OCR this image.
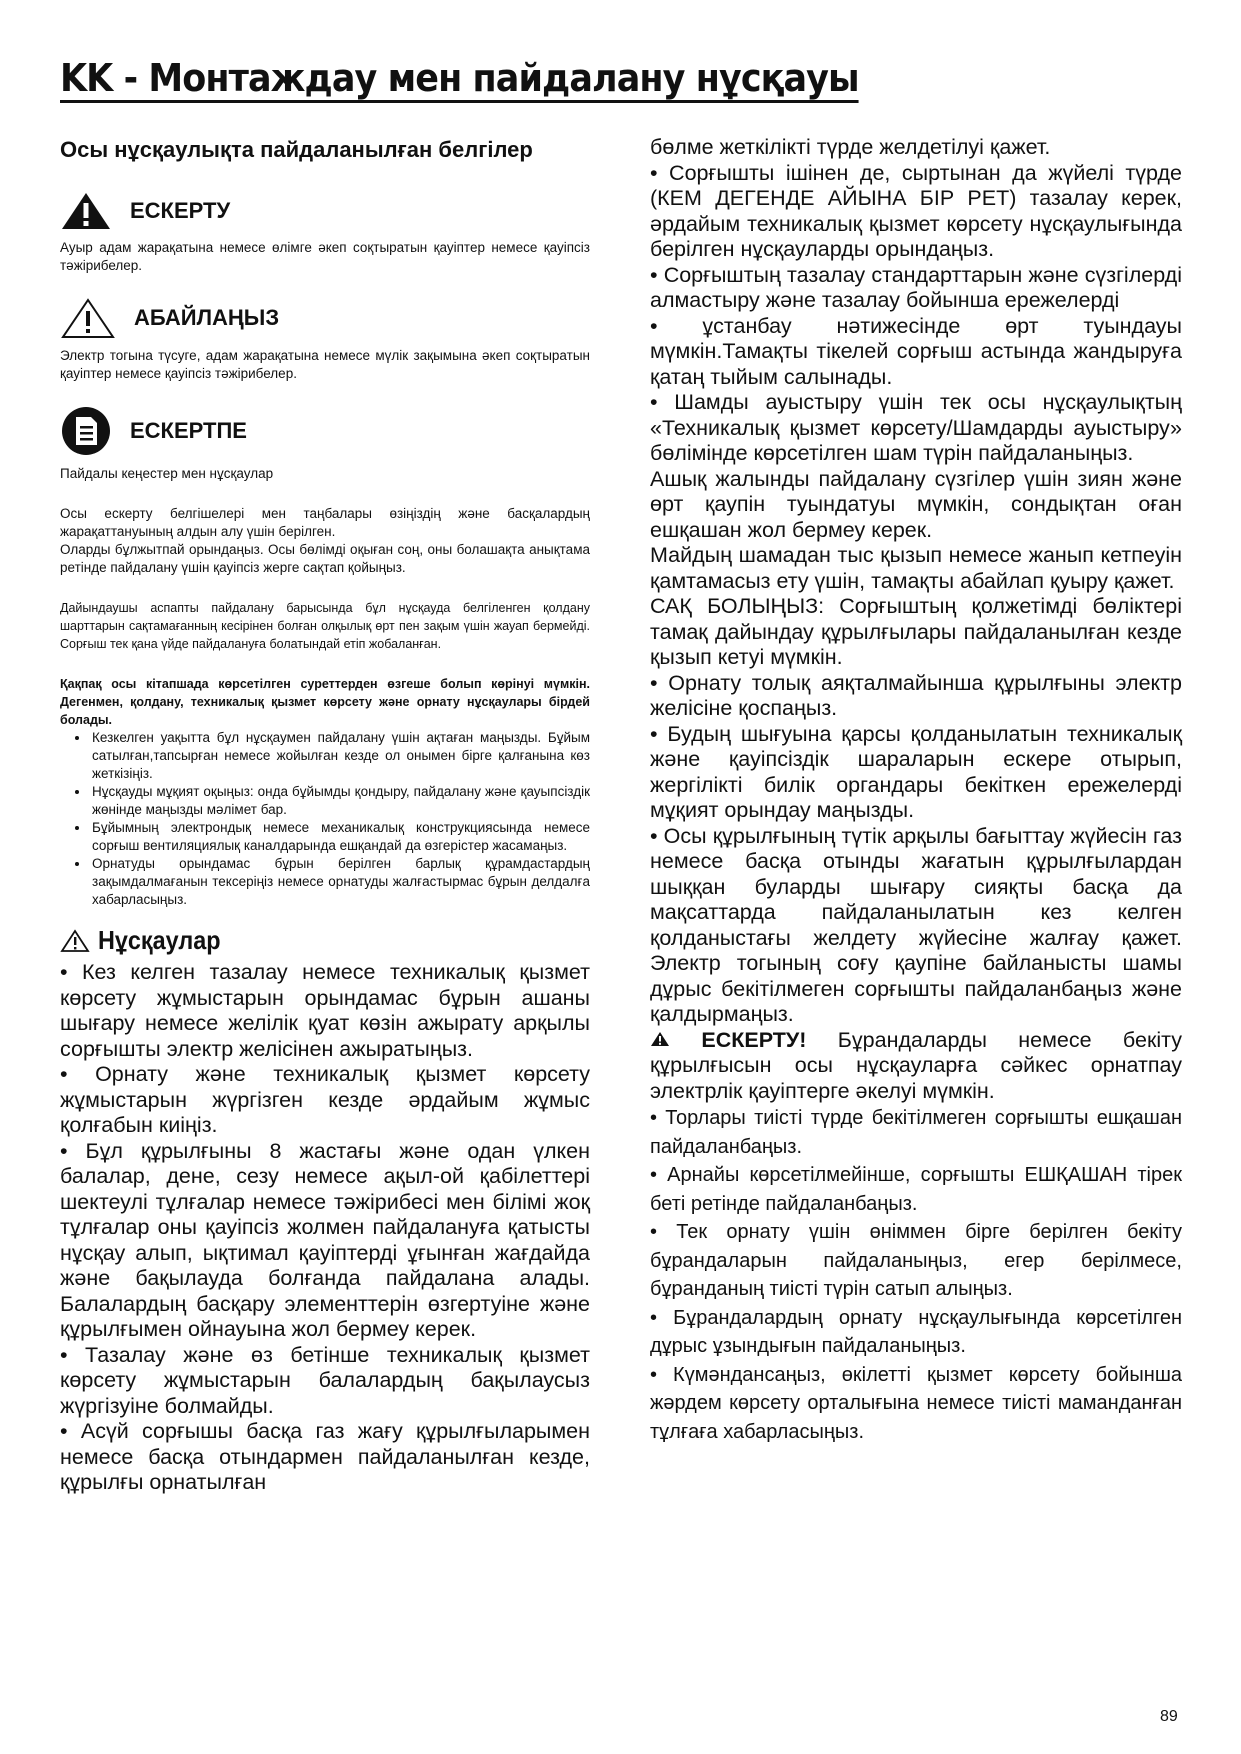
KK - Монтаждау мен пайдалану нұсқауы
Осы нұсқаулықта пайдаланылған белгілер
ЕСКЕРТУ
Ауыр адам жарақатына немесе өлімге әкеп соқтыратын қауіптер немесе қауіпсіз тәжірибелер.
АБАЙЛАҢЫЗ
Электр тогына түсуге, адам жарақатына немесе мүлік зақымына әкеп соқтыратын қауіптер немесе қауіпсіз тәжірибелер.
ЕСКЕРТПЕ
Пайдалы кеңестер мен нұсқаулар
Осы ескерту белгішелері мен таңбалары өзіңіздің және басқалардың жарақаттануының алдын алу үшін берілген.
Оларды бұлжытпай орындаңыз. Осы бөлімді оқыған соң, оны болашақта анықтама ретінде пайдалану үшін қауіпсіз жерге сақтап қойыңыз.
Дайындаушы аспапты пайдалану барысында бұл нұсқауда белгіленген қолдану шарттарын сақтамағанның кесірінен болған олқылық өрт пен зақым үшін жауап бермейді. Сорғыш тек қана үйде пайдалануға болатындай етіп жобаланған.
Қақпақ осы кітапшада көрсетілген суреттерден өзгеше болып көрінуі мүмкін. Дегенмен, қолдану, техникалық қызмет көрсету және орнату нұсқаулары бірдей болады.
• Кезкелген уақытта бұл нұсқаумен пайдалану үшін ақтаған маңызды. Бұйым сатылған,тапсырған немесе жойылған кезде ол онымен бірге қалғанына көз жеткізіңіз.
• Нұсқауды мұқият оқыңыз: онда бұйымды қондыру, пайдалану және қауыпсіздік жөнінде маңызды мәлімет бар.
• Бұйымның электрондық немесе механикалық конструкциясында немесе сорғыш вентиляциялық каналдарында ешқандай да өзгерістер жасамаңыз.
• Орнатуды орындамас бұрын берілген барлық құрамдастардың зақымдалмағанын тексеріңіз немесе орнатуды жалғастырмас бұрын делдалға хабарласыңыз.
Нұсқаулар

• Кез келген тазалау немесе техникалық қызмет көрсету жұмыстарын орындамас бұрын ашаны шығару немесе желілік қуат көзін ажырату арқылы сорғышты электр желісінен ажыратыңыз.

• Орнату және техникалық қызмет көрсету жұмыстарын жүргізген кезде әрдайым жұмыс қолғабын киіңіз.

• Бұл құрылғыны 8 жастағы және одан үлкен балалар, дене, сезу немесе ақыл-ой қабілеттері шектеулі тұлғалар немесе тәжірибесі мен білімі жоқ тұлғалар оны қауіпсіз жолмен пайдалануға қатысты нұсқау алып, ықтимал қауіптерді ұғынған жағдайда және бақылауда болғанда пайдалана алады. Балалардың басқару элементтерін өзгертуіне және құрылғымен ойнауына жол бермеу керек.

• Тазалау және өз бетінше техникалық қызмет көрсету жұмыстарын балалардың бақылаусыз жүргізуіне болмайды.

• Асүй сорғышы басқа газ жағу құрылғыларымен немесе басқа отындармен пайдаланылған кезде, құрылғы орнатылған

бөлме жеткілікті түрде желдетілуі қажет.

• Сорғышты ішінен де, сыртынан да жүйелі түрде (КЕМ ДЕГЕНДЕ АЙЫНА БІР РЕТ) тазалау керек, әрдайым техникалық қызмет көрсету нұсқаулығында берілген нұсқауларды орындаңыз.

• Сорғыштың тазалау стандарттарын және сүзгілерді алмастыру және тазалау бойынша ережелерді

• ұстанбау нәтижесінде өрт туындауы мүмкін.Тамақты тікелей сорғыш астында жандыруға қатаң тыйым салынады.

• Шамды ауыстыру үшін тек осы нұсқаулықтың «Техникалық қызмет көрсету/Шамдарды ауыстыру» бөлімінде көрсетілген шам түрін пайдаланыңыз.

Ашық жалынды пайдалану сүзгілер үшін зиян және өрт қаупін туындатуы мүмкін, сондықтан оған ешқашан жол бермеу керек.

Майдың шамадан тыс қызып немесе жанып кетпеуін қамтамасыз ету үшін, тамақты абайлап қуыру қажет.

САҚ БОЛЫҢЫЗ: Сорғыштың қолжетімді бөліктері тамақ дайындау құрылғылары пайдаланылған кезде қызып кетуі мүмкін.

• Орнату толық аяқталмайынша құрылғыны электр желісіне қоспаңыз.

• Будың шығуына қарсы қолданылатын техникалық және қауіпсіздік шараларын ескере отырып, жергілікті билік органдары бекіткен ережелерді мұқият орындау маңызды.

• Осы құрылғының түтік арқылы бағыттау жүйесін газ немесе басқа отынды жағатын құрылғылардан шыққан буларды шығару сияқты басқа да мақсаттарда пайдаланылатын кез келген қолданыстағы желдету жүйесіне жалғау қажет. Электр тогының соғу қаупіне байланысты шамы дұрыс бекітілмеген сорғышты пайдаланбаңыз және қалдырмаңыз.

ЕСКЕРТУ! Бұрандаларды немесе бекіту құрылғысын осы нұсқауларға сәйкес орнатпау электрлік қауіптерге әкелуі мүмкін.

• Торлары тиісті түрде бекітілмеген сорғышты ешқашан пайдаланбаңыз.

• Арнайы көрсетілмейінше, сорғышты ЕШҚАШАН тірек беті ретінде пайдаланбаңыз.

• Тек орнату үшін өніммен бірге берілген бекіту бұрандаларын пайдаланыңыз, егер берілмесе, бұранданың тиісті түрін сатып алыңыз.

• Бұрандалардың орнату нұсқаулығында көрсетілген дұрыс ұзындығын пайдаланыңыз.

• Күмәндансаңыз, өкілетті қызмет көрсету бойынша жәрдем көрсету орталығына немесе тиісті маманданған тұлғаға хабарласыңыз.

89
